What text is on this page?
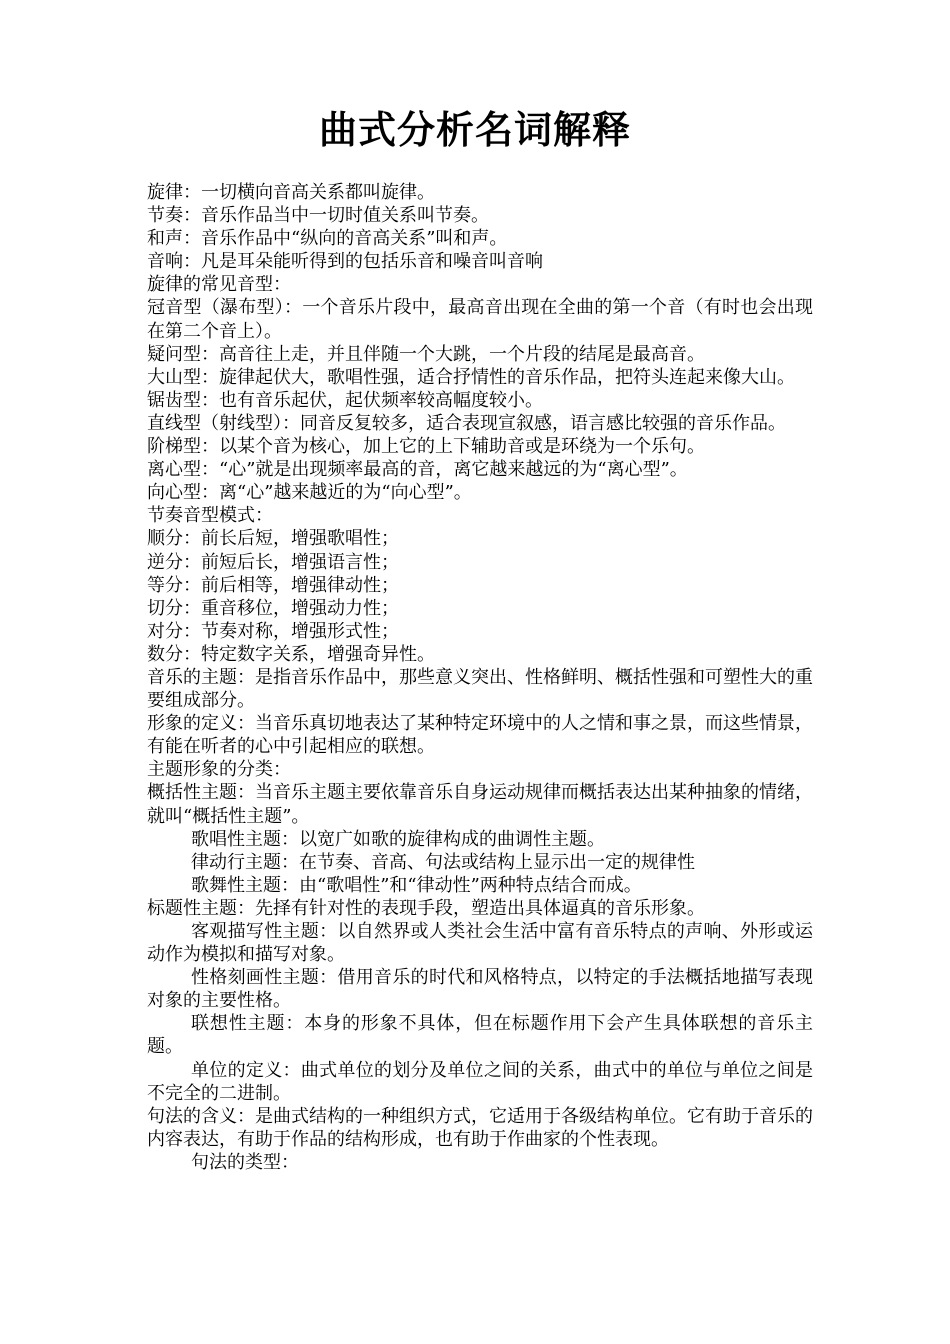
曲式分析名词解释

旋律：一切横向音高关系都叫旋律。

节奏：音乐作品当中一切时值关系叫节奏。

和声：音乐作品中“纵向的音高关系”叫和声。

音响：凡是耳朵能听得到的包括乐音和噪音叫音响

旋律的常见音型：

冠音型（瀑布型）：一个音乐片段中，最高音出现在全曲的第一个音（有时也会出现在第二个音上）。

疑问型：高音往上走，并且伴随一个大跳，一个片段的结尾是最高音。

大山型：旋律起伏大，歌唱性强，适合抒情性的音乐作品，把符头连起来像大山。

锯齿型：也有音乐起伏，起伏频率较高幅度较小。

直线型（射线型）：同音反复较多，适合表现宣叙感，语言感比较强的音乐作品。

阶梯型：以某个音为核心，加上它的上下辅助音或是环绕为一个乐句。

离心型：“心”就是出现频率最高的音，离它越来越远的为“离心型”。

向心型：离“心”越来越近的为“向心型”。

节奏音型模式：

顺分：前长后短，增强歌唱性；

逆分：前短后长，增强语言性；

等分：前后相等，增强律动性；

切分：重音移位，增强动力性；

对分：节奏对称，增强形式性；

数分：特定数字关系，增强奇异性。

音乐的主题：是指音乐作品中，那些意义突出、性格鲜明、概括性强和可塑性大的重要组成部分。

形象的定义：当音乐真切地表达了某种特定环境中的人之情和事之景，而这些情景，有能在听者的心中引起相应的联想。

主题形象的分类：

概括性主题：当音乐主题主要依靠音乐自身运动规律而概括表达出某种抽象的情绪，就叫“概括性主题”。

歌唱性主题：以宽广如歌的旋律构成的曲调性主题。

律动行主题：在节奏、音高、句法或结构上显示出一定的规律性

歌舞性主题：由“歌唱性”和“律动性”两种特点结合而成。

标题性主题：先择有针对性的表现手段，塑造出具体逼真的音乐形象。

客观描写性主题：以自然界或人类社会生活中富有音乐特点的声响、外形或运动作为模拟和描写对象。

性格刻画性主题：借用音乐的时代和风格特点，以特定的手法概括地描写表现对象的主要性格。

联想性主题：本身的形象不具体，但在标题作用下会产生具体联想的音乐主题。

单位的定义：曲式单位的划分及单位之间的关系，曲式中的单位与单位之间是不完全的二进制。

句法的含义：是曲式结构的一种组织方式，它适用于各级结构单位。它有助于音乐的内容表达，有助于作品的结构形成，也有助于作曲家的个性表现。

句法的类型：
